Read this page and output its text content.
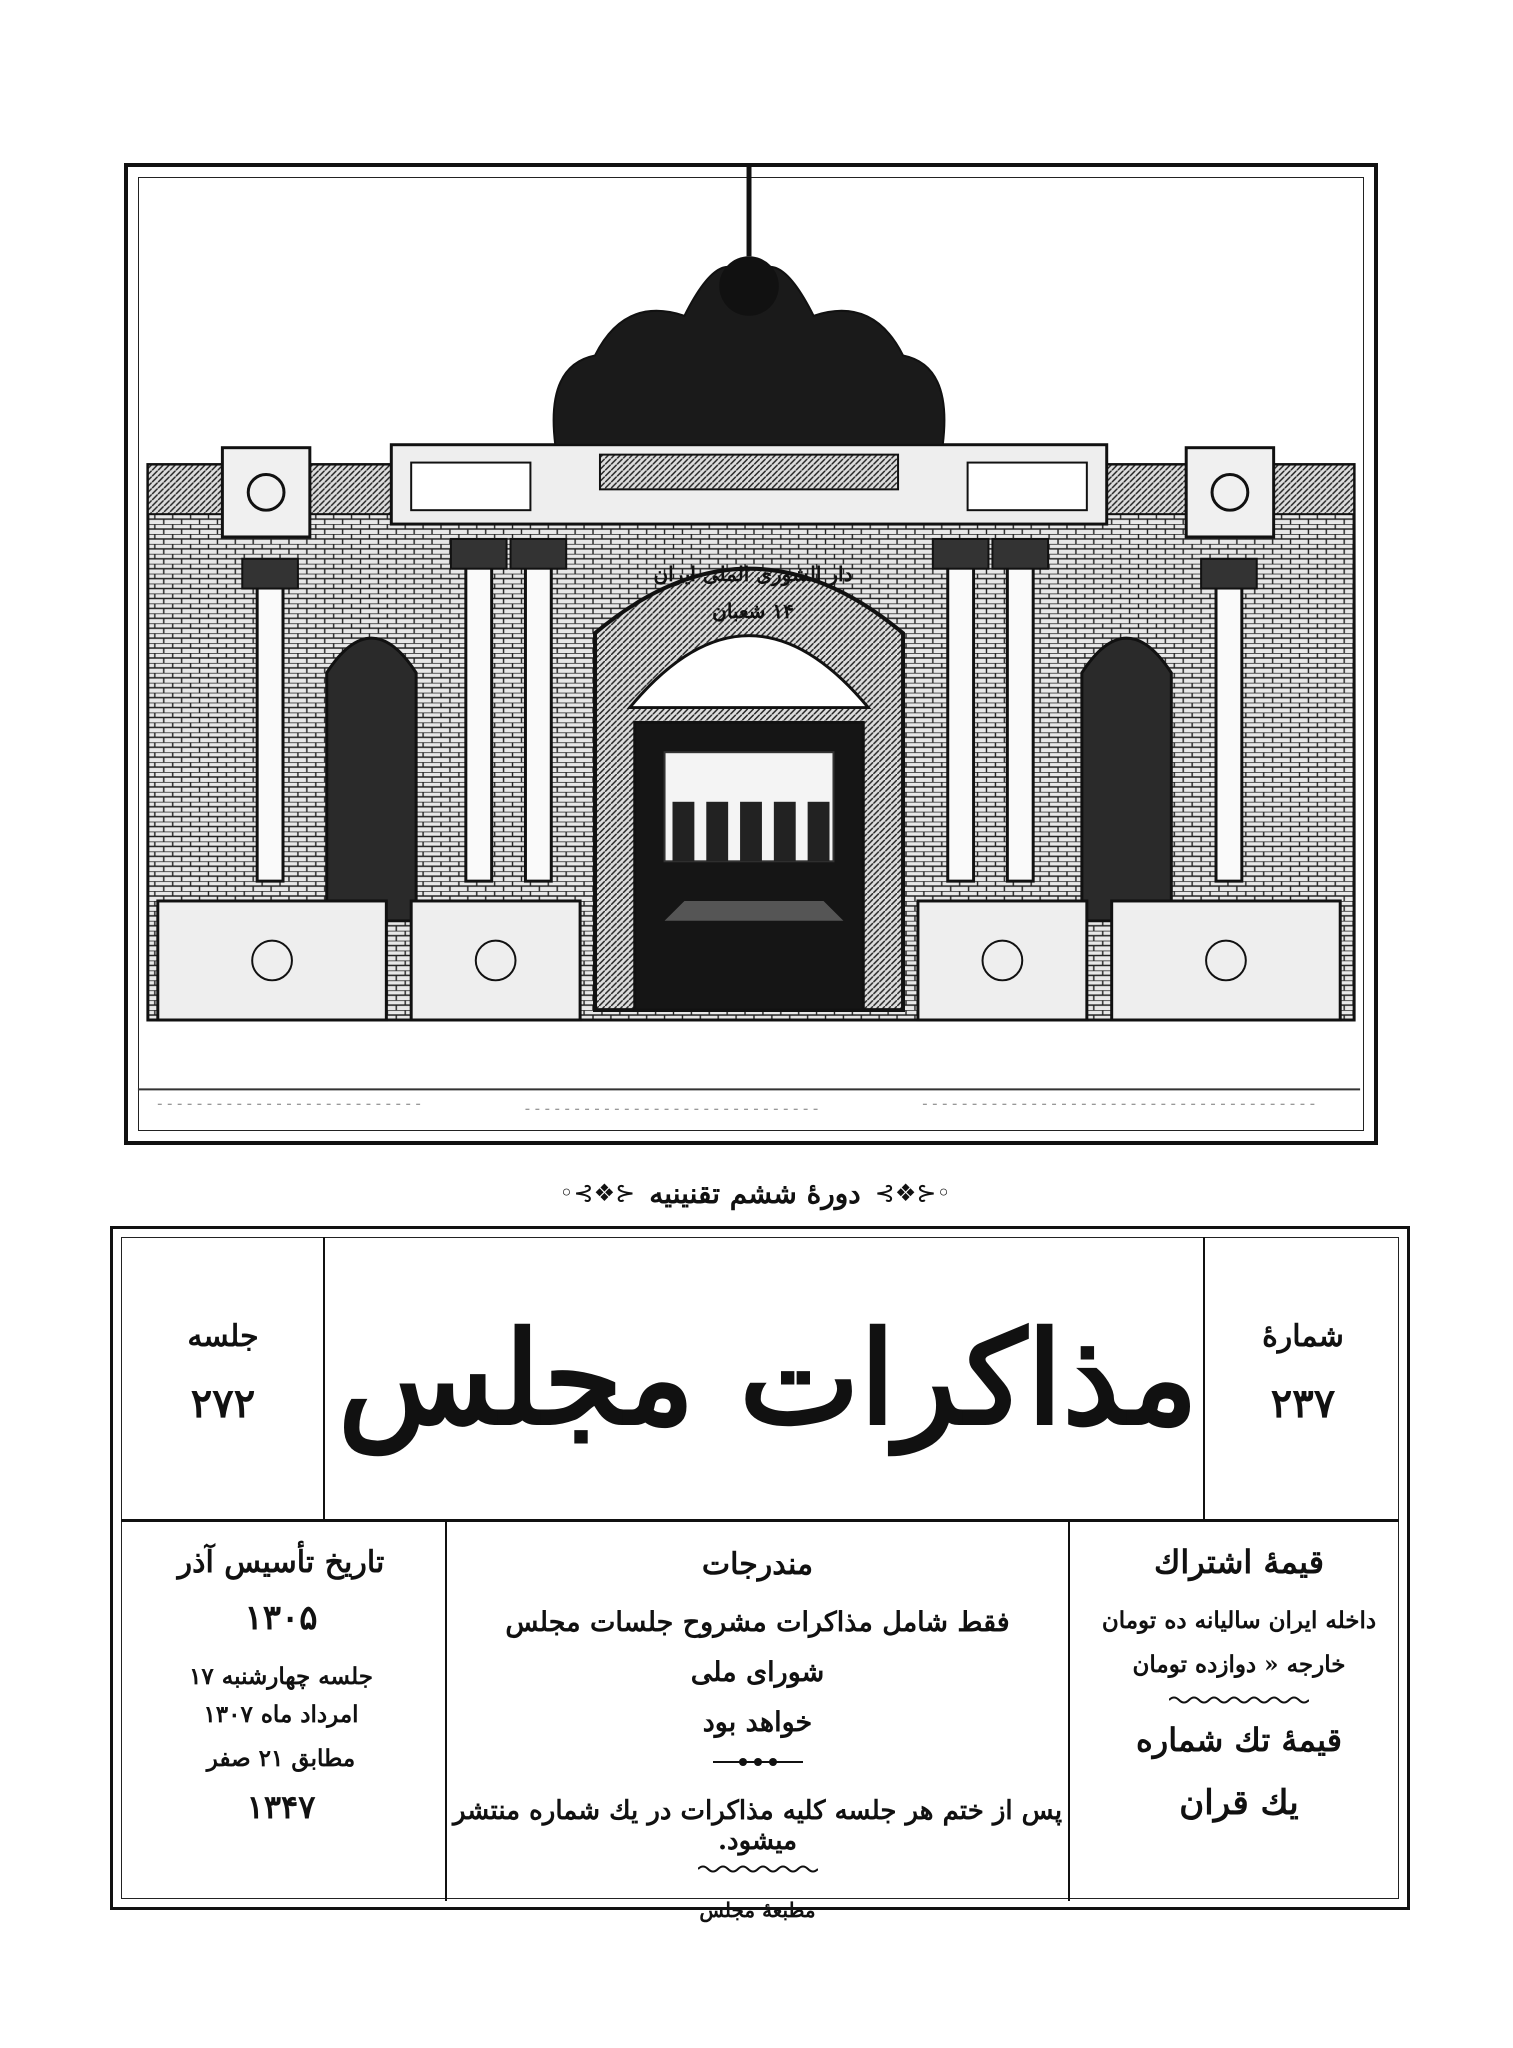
دار الشوری الملی ایران
۱۴ شعبان
◦⊰❖⊱
دورهٔ ششم تقنینیه
⊰❖⊱◦
جلسه
۲۷۲ مذاکرات مجلس	شمارهٔ
۲۳۷
تاریخ تأسیس آذر
۱۳۰۵
جلسه چهارشنبه ۱۷
امرداد ماه ۱۳۰۷
مطابق ۲۱ صفر
۱۳۴۷
مندرجات
فقط شامل مذاکرات مشروح جلسات مجلس شورای ملی
خواهد بود
پس از ختم هر جلسه کلیه مذاکرات در یك شماره منتشر میشود.
مطبعهٔ مجلس
قیمهٔ اشتراك
داخله ایران سالیانه ده تومان
خارجه « دوازده تومان
قیمهٔ تك شماره
یك قران
